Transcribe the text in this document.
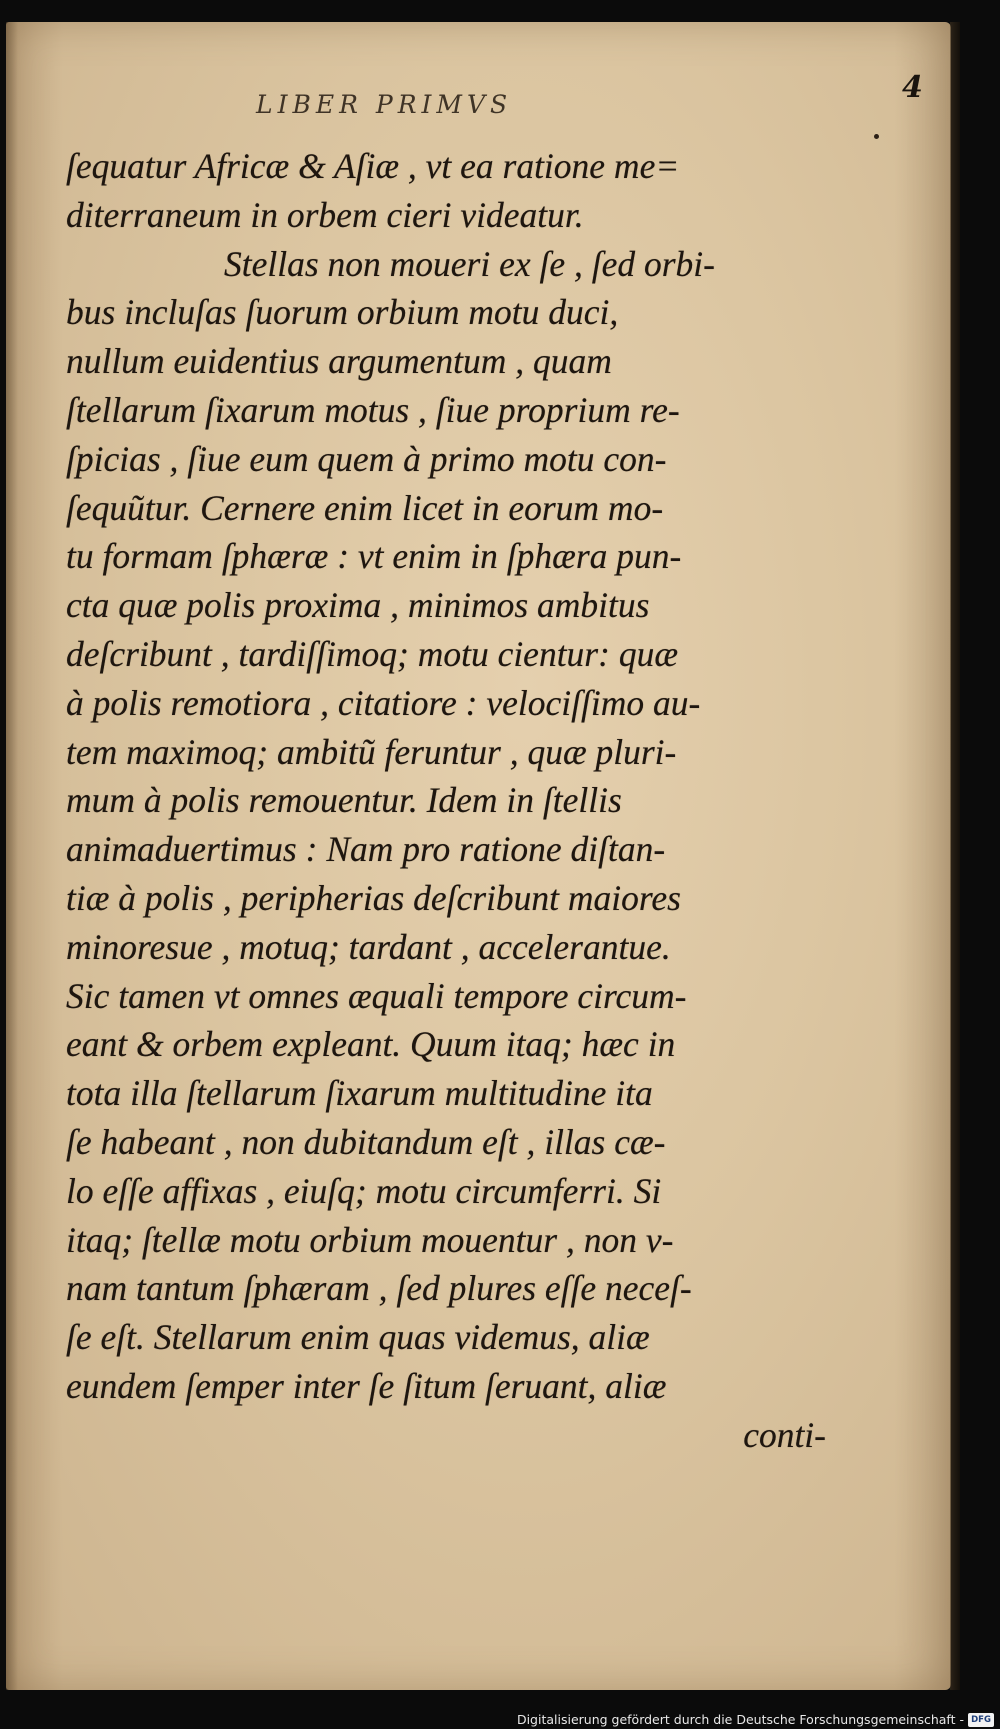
LIBER PRIMVS	4
ſequatur Africæ & Aſiæ , vt ea ratione me=
diterraneum in orbem cieri videatur.
Stellas non moueri ex ſe , ſed orbi-
bus incluſas ſuorum orbium motu duci,
nullum euidentius argumentum , quam
ſtellarum ſixarum motus , ſiue proprium re-
ſpicias , ſiue eum quem à primo motu con-
ſequũtur. Cernere enim licet in eorum mo-
tu formam ſphæræ : vt enim in ſphæra pun-
cta quæ polis proxima , minimos ambitus
deſcribunt , tardiſſimoq; motu cientur: quæ
à polis remotiora , citatiore : velociſſimo au-
tem maximoq; ambitũ feruntur , quæ pluri-
mum à polis remouentur. Idem in ſtellis
animaduertimus : Nam pro ratione diſtan-
tiæ à polis , peripherias deſcribunt maiores
minoresue , motuq; tardant , accelerantue.
Sic tamen vt omnes æquali tempore circum-
eant & orbem expleant. Quum itaq; hæc in
tota illa ſtellarum ſixarum multitudine ita
ſe habeant , non dubitandum eſt , illas cæ-
lo eſſe affixas , eiuſq; motu circumferri. Si
itaq; ſtellæ motu orbium mouentur , non v-
nam tantum ſphæram , ſed plures eſſe neceſ-
ſe eſt. Stellarum enim quas videmus, aliæ
eundem ſemper inter ſe ſitum ſeruant, aliæ
conti-
Digitalisierung gefördert durch die Deutsche Forschungsgemeinschaft - DFG
